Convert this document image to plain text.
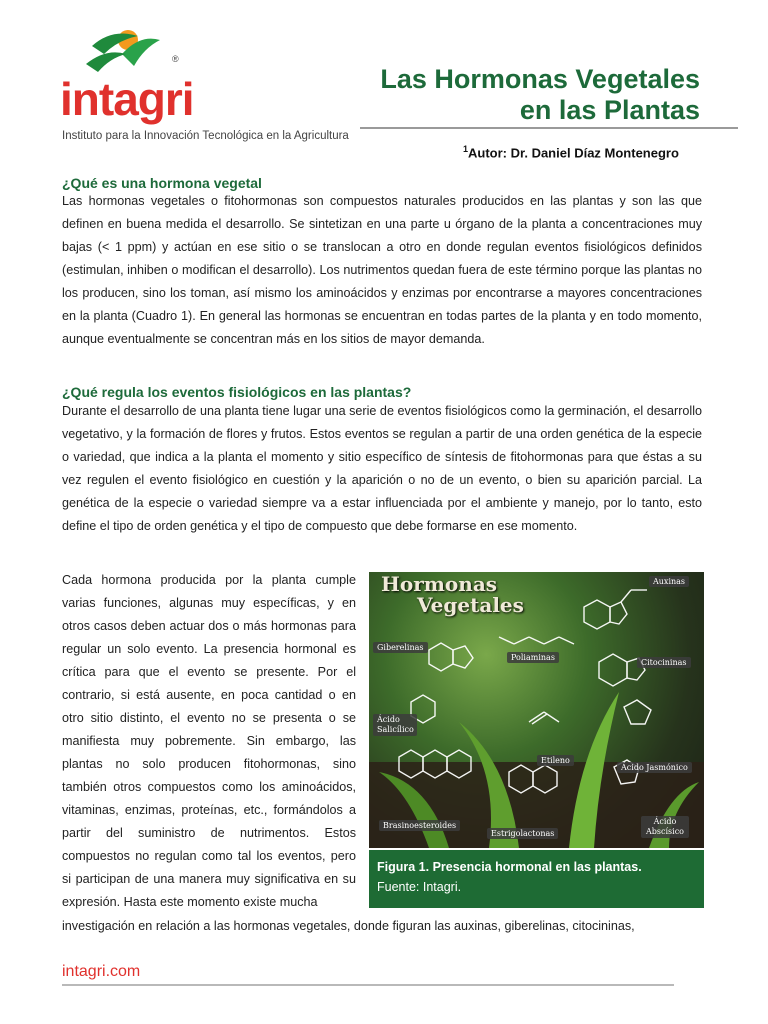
intagri
®
Instituto para la Innovación Tecnológica en la Agricultura
Las Hormonas Vegetales
en las Plantas
$^1$Autor: Dr. Daniel Díaz Montenegro
¿Qué es una hormona vegetal

Las hormonas vegetales o fitohormonas son compuestos naturales producidos en las plantas y son las que definen en buena medida el desarrollo. Se sintetizan en una parte u órgano de la planta a concentraciones muy bajas (< 1 ppm) y actúan en ese sitio o se translocan a otro en donde regulan eventos fisiológicos definidos (estimulan, inhiben o modifican el desarrollo). Los nutrimentos quedan fuera de este término porque las plantas no los producen, sino los toman, así mismo los aminoácidos y enzimas por encontrarse a mayores concentraciones en la planta (Cuadro 1). En general las hormonas se encuentran en todas partes de la planta y en todo momento, aunque eventualmente se concentran más en los sitios de mayor demanda.

¿Qué regula los eventos fisiológicos en las plantas?

Durante el desarrollo de una planta tiene lugar una serie de eventos fisiológicos como la germinación, el desarrollo vegetativo, y la formación de flores y frutos. Estos eventos se regulan a partir de una orden genética de la especie o variedad, que indica a la planta el momento y sitio específico de síntesis de fitohormonas para que éstas a su vez regulen el evento fisiológico en cuestión y la aparición o no de un evento, o bien su aparición parcial. La genética de la especie o variedad siempre va a estar influenciada por el ambiente y manejo, por lo tanto, esto define el tipo de orden genética y el tipo de compuesto que debe formarse en ese momento.

Cada hormona producida por la planta cumple varias funciones, algunas muy específicas, y en otros casos deben actuar dos o más hormonas para regular un solo evento. La presencia hormonal es crítica para que el evento se presente. Por el contrario, si está ausente, en poca cantidad o en otro sitio distinto, el evento no se presenta o se manifiesta muy pobremente. Sin embargo, las plantas no solo producen fitohormonas, sino también otros compuestos como los aminoácidos, vitaminas, enzimas, proteínas, etc., formándolos a partir del suministro de nutrimentos. Estos compuestos no regulan como tal los eventos, pero si participan de una manera muy significativa en su expresión. Hasta este momento existe mucha

investigación en relación a las hormonas vegetales, donde figuran las auxinas, giberelinas, citocininas,

Hormonas
Vegetales
Auxinas
Giberelinas
Poliaminas
Citocininas
Ácido Salicílico
Etileno
Ácido Jasmónico
Brasinoesteroides
Estrigolactonas
Ácido Abscísico
Figura 1. Presencia hormonal en las plantas.
Fuente: Intagri.
intagri.com
